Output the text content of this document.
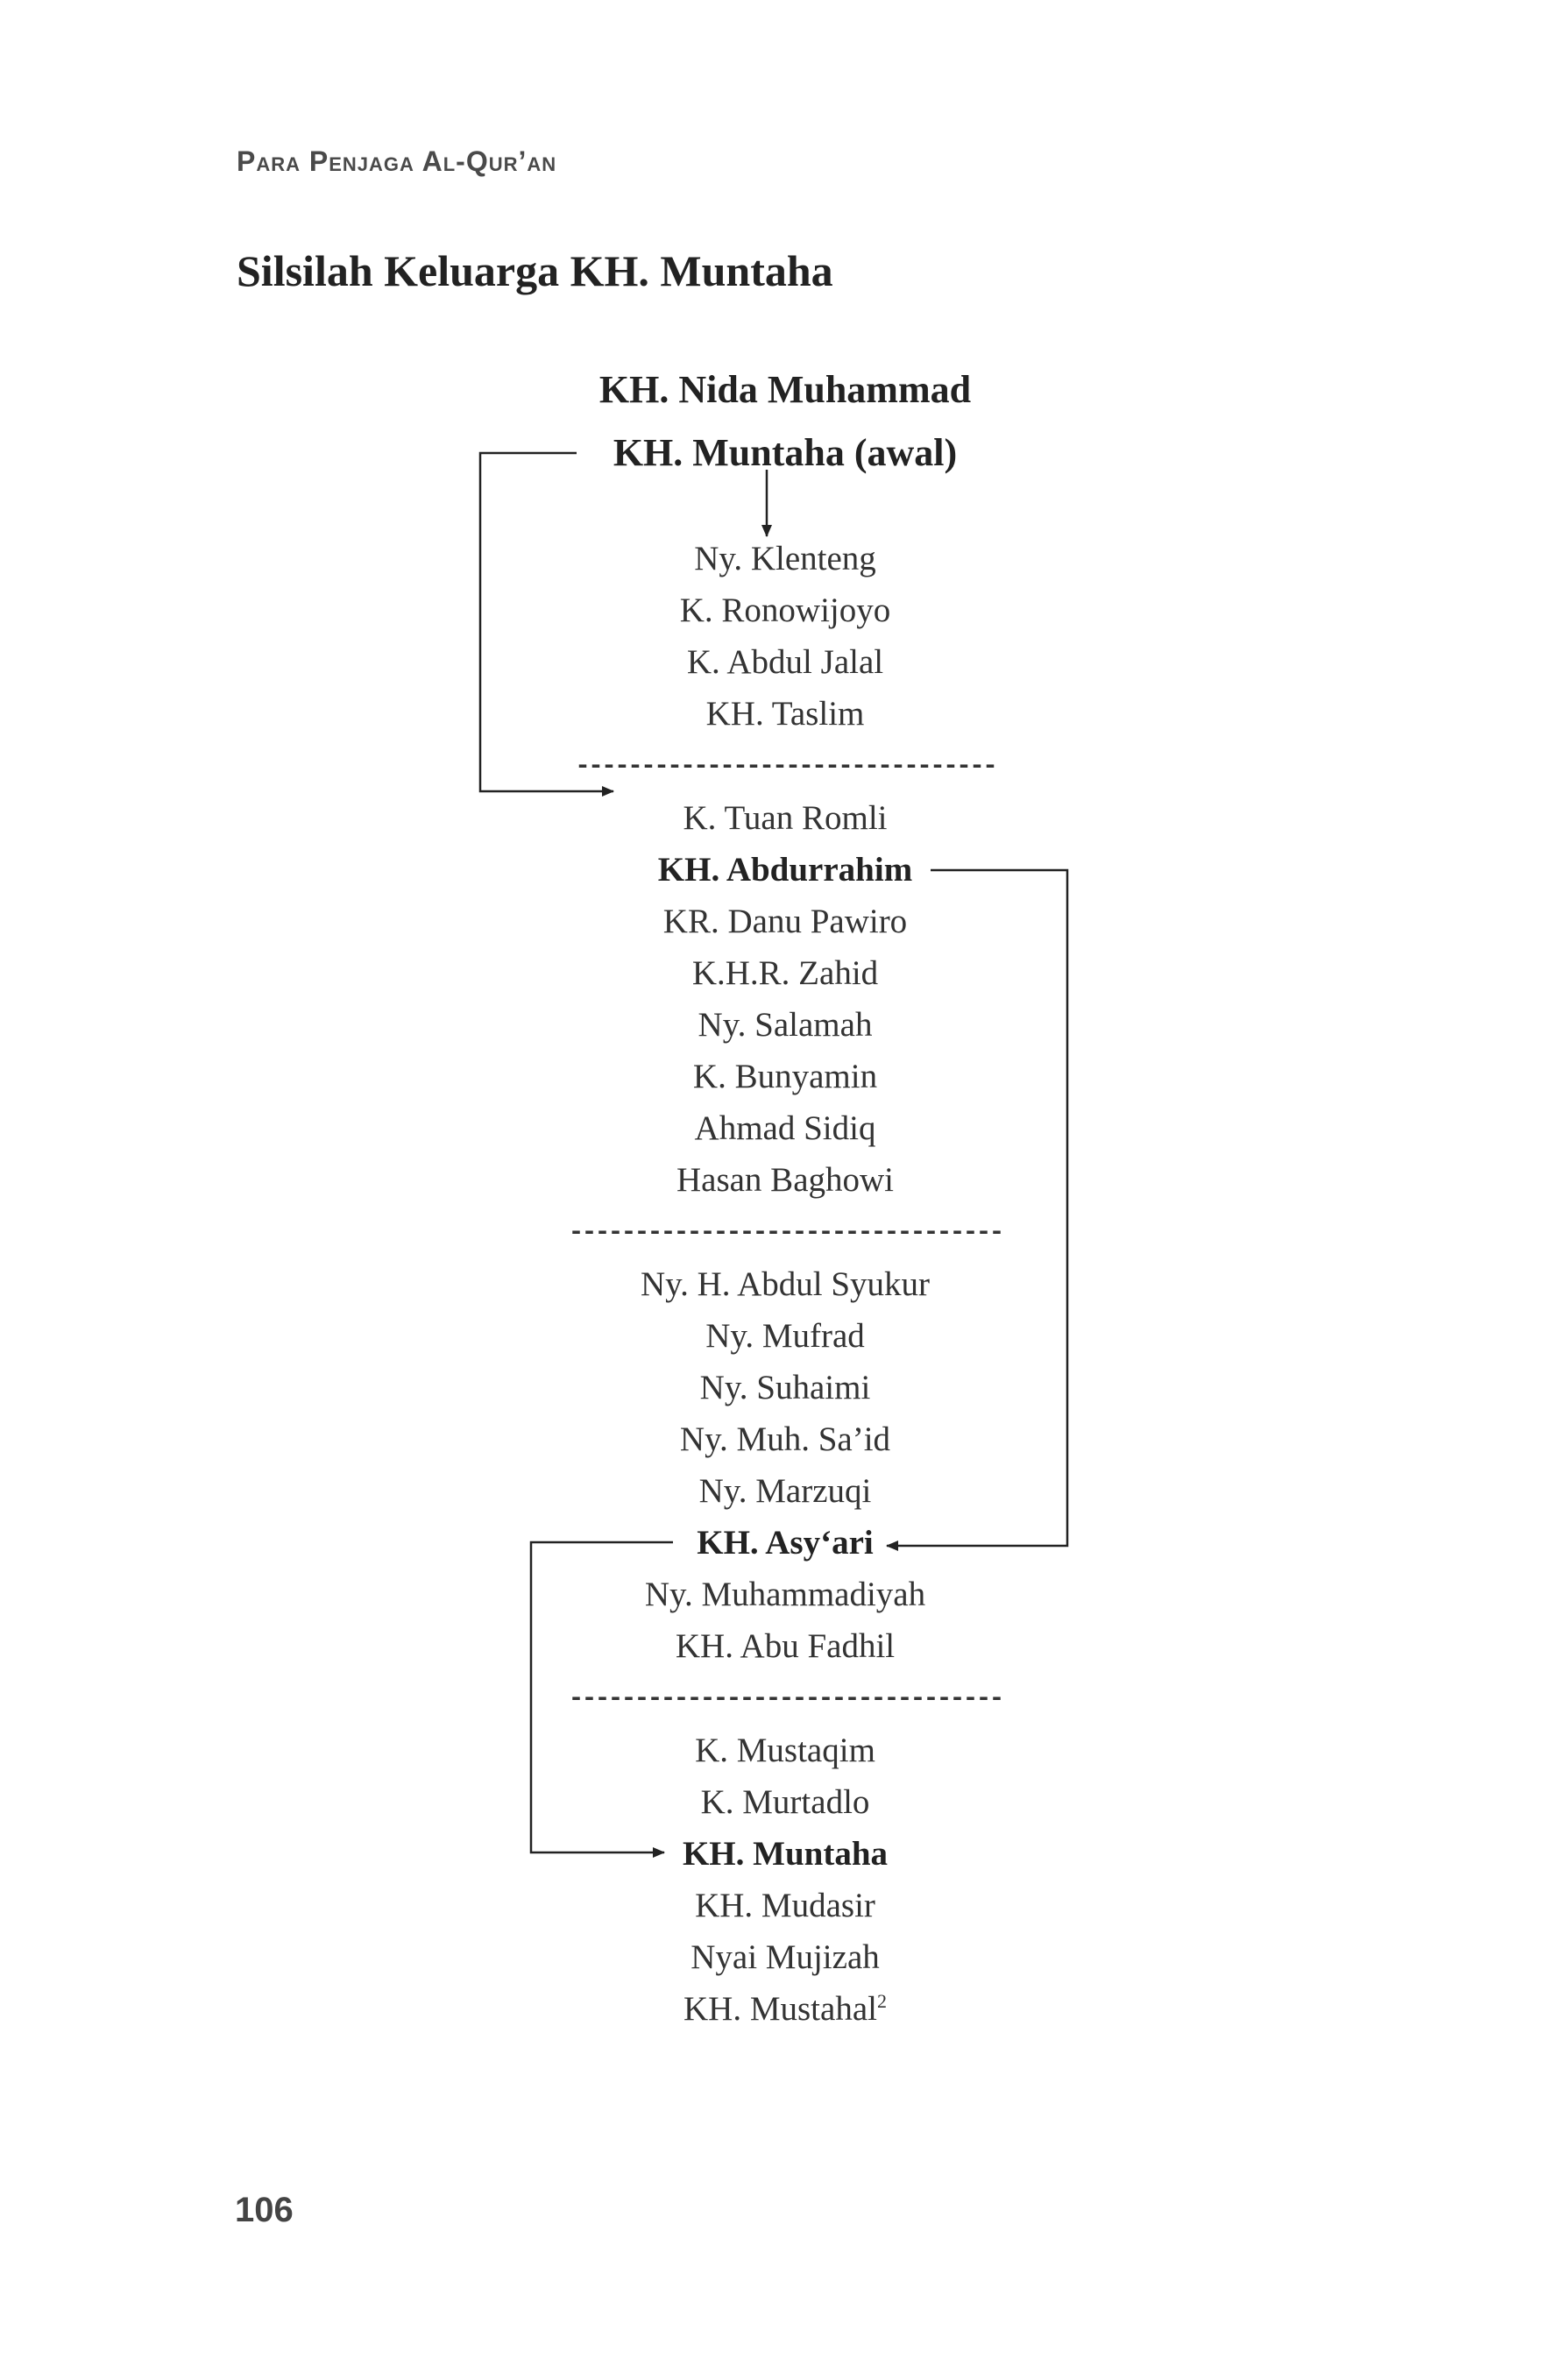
Para Penjaga Al-Qur’an

Silsilah Keluarga KH. Muntaha
KH. Nida Muhammad
KH. Muntaha (awal)
Ny. Klenteng
K. Ronowijoyo
K. Abdul Jalal
KH. Taslim
--------------------------------
K. Tuan Romli
KH. Abdurrahim
KR. Danu Pawiro
K.H.R. Zahid
Ny. Salamah
K. Bunyamin
Ahmad Sidiq
Hasan Baghowi
---------------------------------
Ny. H. Abdul Syukur
Ny. Mufrad
Ny. Suhaimi
Ny. Muh. Sa’id
Ny. Marzuqi
KH. Asy‘ari
Ny. Muhammadiyah
KH. Abu Fadhil
---------------------------------
K. Mustaqim
K. Murtadlo
KH. Muntaha
KH. Mudasir
Nyai Mujizah
KH. Mustahal$^2$

106
